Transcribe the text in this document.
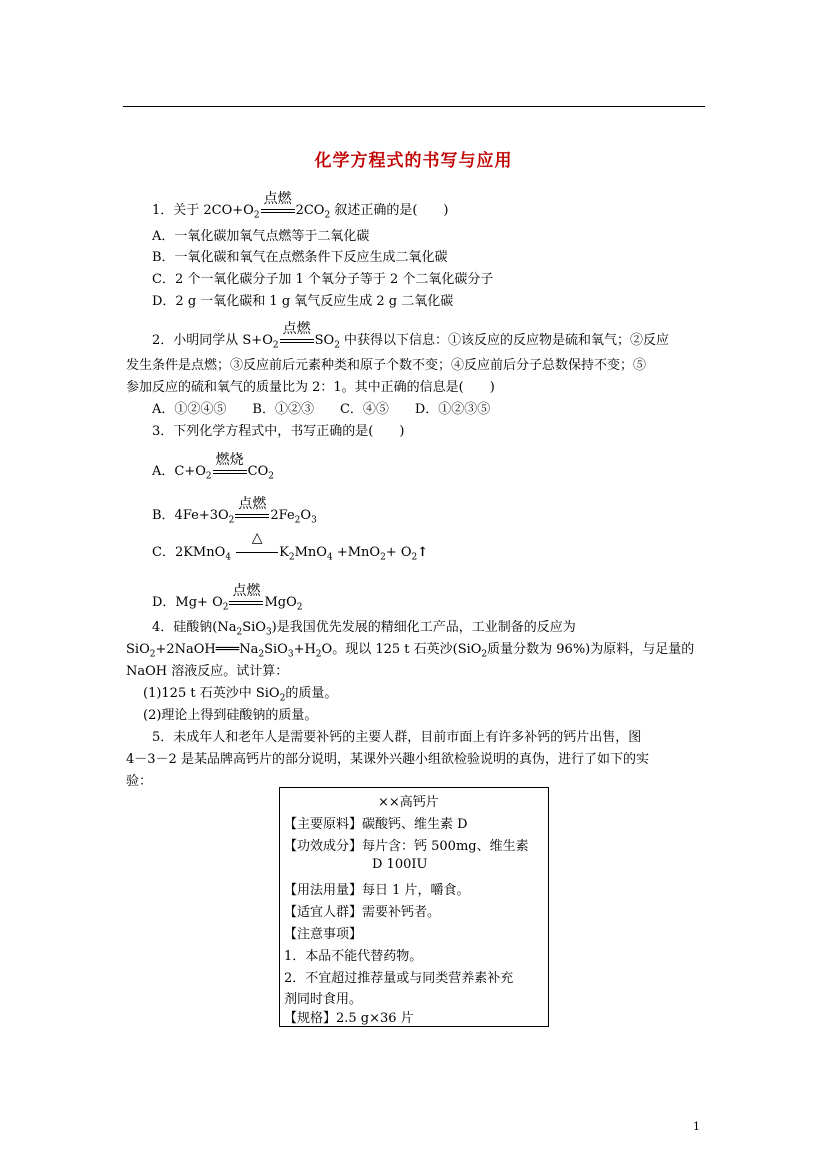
化学方程式的书写与应用
1．关于 $2CO+O_2$
点燃
$2CO_2$ 叙述正确的是(　　)
A．一氧化碳加氧气点燃等于二氧化碳
B．一氧化碳和氧气在点燃条件下反应生成二氧化碳
C．2 个一氧化碳分子加 1 个氧分子等于 2 个二氧化碳分子
D．2 g 一氧化碳和 1 g 氧气反应生成 2 g 二氧化碳
2．小明同学从 $S+O_2$
点燃
$SO_2$ 中获得以下信息：①该反应的反应物是硫和氧气；②反应
发生条件是点燃；③反应前后元素种类和原子个数不变；④反应前后分子总数保持不变；⑤
参加反应的硫和氧气的质量比为 2：1。其中正确的信息是(　　)
A．①②④⑤　　B．①②③　　C．④⑤　　D．①②③⑤
3．下列化学方程式中，书写正确的是(　　)
A．$C+O_2$
燃烧
$CO_2$
B．$4Fe+3O_2$
点燃
$2Fe_2O_3$
C．2KMnO$_4$
△
$K_2MnO_4 +MnO_2+$ $O_2↑$
D．$Mg+ O_2$
点燃
MgO$_2$
4．硅酸钠$(Na_2SiO_3)$是我国优先发展的精细化工产品，工业制备的反应为
$SiO_2+2NaOH═══Na_2SiO_3+H_2O$。现以 125 t 石英沙(SiO$_2$质量分数为 96%)为原料，与足量的
NaOH 溶液反应。试计算：
(1)125 t 石英沙中 SiO$_2$的质量。
(2)理论上得到硅酸钠的质量。
5．未成年人和老年人是需要补钙的主要人群，目前市面上有许多补钙的钙片出售，图
4－3－2 是某品牌高钙片的部分说明，某课外兴趣小组欲检验说明的真伪，进行了如下的实
验：
××高钙片
【主要原料】碳酸钙、维生素 D
【功效成分】每片含：钙 500mg、维生素
D 100IU
【用法用量】每日 1 片，嚼食。
【适宜人群】需要补钙者。
【注意事项】
1．本品不能代替药物。
2．不宜超过推荐量或与同类营养素补充
剂同时食用。
【规格】2.5 g×36 片
1
